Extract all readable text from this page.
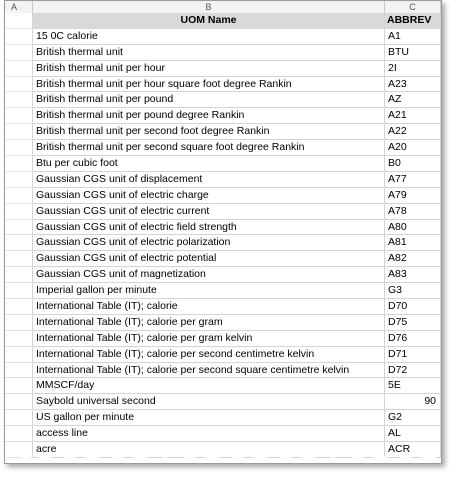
A	B	C
UOM Name	ABBREV
15 0C calorie	A1
British thermal unit	BTU
British thermal unit per hour	2I
British thermal unit per hour square foot degree Rankin	A23
British thermal unit per pound	AZ
British thermal unit per pound degree Rankin	A21
British thermal unit per second foot degree Rankin	A22
British thermal unit per second square foot degree Rankin	A20
Btu per cubic foot	B0
Gaussian CGS unit of displacement	A77
Gaussian CGS unit of electric charge	A79
Gaussian CGS unit of electric current	A78
Gaussian CGS unit of electric field strength	A80
Gaussian CGS unit of electric polarization	A81
Gaussian CGS unit of electric potential	A82
Gaussian CGS unit of magnetization	A83
Imperial gallon per minute	G3
International Table (IT); calorie	D70
International Table (IT); calorie per gram	D75
International Table (IT); calorie per gram kelvin	D76
International Table (IT); calorie per second centimetre kelvin	D71
International Table (IT); calorie per second square centimetre kelvin	D72
MMSCF/day	5E
Saybold universal second	90
US gallon per minute	G2
access line	AL
acre	ACR
